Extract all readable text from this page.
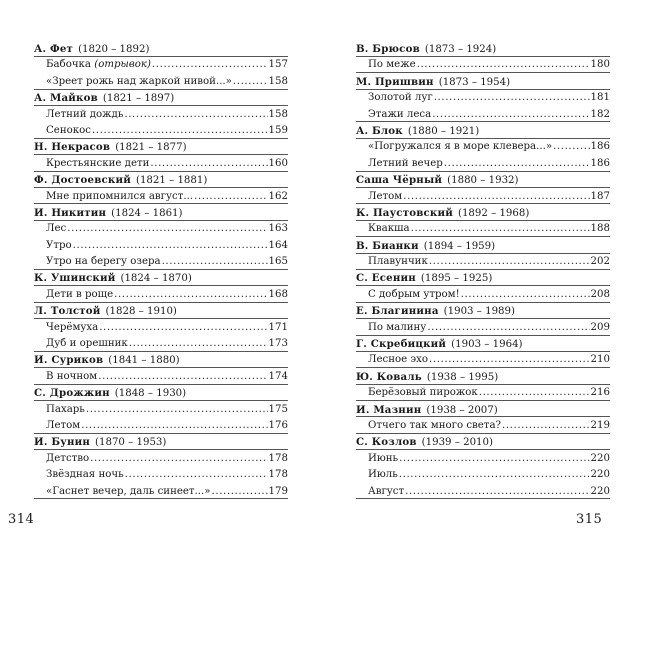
А. Фет (1820 – 1892)
Бабочка (отрывок) .....	157
«Зреет рожь над жаркой нивой...» .....	158
А. Майков (1821 – 1897)
Летний дождь .....	158
Сенокос .....	159
Н. Некрасов (1821 – 1877)
Крестьянские дети .....	160
Ф. Достоевский (1821 – 1881)
Мне припомнился август... .....	162
И. Никитин (1824 – 1861)
Лес .....	163
Утро .....	164
Утро на берегу озера .....	165
К. Ушинский (1824 – 1870)
Дети в роще .....	168
Л. Толстой (1828 – 1910)
Черёмуха .....	171
Дуб и орешник .....	173
И. Суриков (1841 – 1880)
В ночном .....	174
С. Дрожжин (1848 – 1930)
Пахарь .....	175
Летом .....	176
И. Бунин (1870 – 1953)
Детство .....	178
Звёздная ночь .....	178
«Гаснет вечер, даль синеет...» .....	179
В. Брюсов (1873 – 1924)
По меже .....	180
М. Пришвин (1873 – 1954)
Золотой луг .....	181
Этажи леса .....	182
А. Блок (1880 – 1921)
«Погружался я в море клевера...» .....	186
Летний вечер .....	186
Саша Чёрный (1880 – 1932)
Летом .....	187
К. Паустовский (1892 – 1968)
Квакша .....	188
В. Бианки (1894 – 1959)
Плавунчик .....	202
С. Есенин (1895 – 1925)
С добрым утром! .....	208
Е. Благинина (1903 – 1989)
По малину .....	209
Г. Скребицкий (1903 – 1964)
Лесное эхо .....	210
Ю. Коваль (1938 – 1995)
Берёзовый пирожок .....	216
И. Мазнин (1938 – 2007)
Отчего так много света? .....	219
С. Козлов (1939 – 2010)
Июнь .....	220
Июль .....	220
Август .....	220
314	315
